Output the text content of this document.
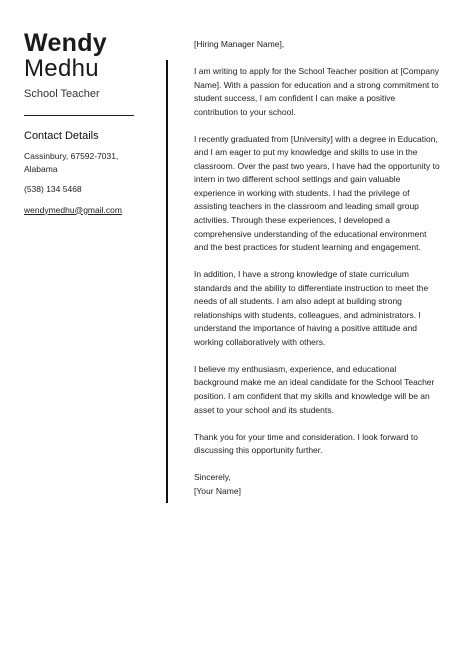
Wendy
Medhu
School Teacher
Contact Details
Cassinbury, 67592-7031,
Alabama
(538) 134 5468
wendymedhu@gmail.com

[Hiring Manager Name],

I am writing to apply for the School Teacher position at [Company Name]. With a passion for education and a strong commitment to student success, I am confident I can make a positive contribution to your school.

I recently graduated from [University] with a degree in Education, and I am eager to put my knowledge and skills to use in the classroom. Over the past two years, I have had the opportunity to intern in two different school settings and gain valuable experience in working with students. I had the privilege of assisting teachers in the classroom and leading small group activities. Through these experiences, I developed a comprehensive understanding of the educational environment and the best practices for student learning and engagement.

In addition, I have a strong knowledge of state curriculum standards and the ability to differentiate instruction to meet the needs of all students. I am also adept at building strong relationships with students, colleagues, and administrators. I understand the importance of having a positive attitude and working collaboratively with others.

I believe my enthusiasm, experience, and educational background make me an ideal candidate for the School Teacher position. I am confident that my skills and knowledge will be an asset to your school and its students.

Thank you for your time and consideration. I look forward to discussing this opportunity further.

Sincerely,

[Your Name]
